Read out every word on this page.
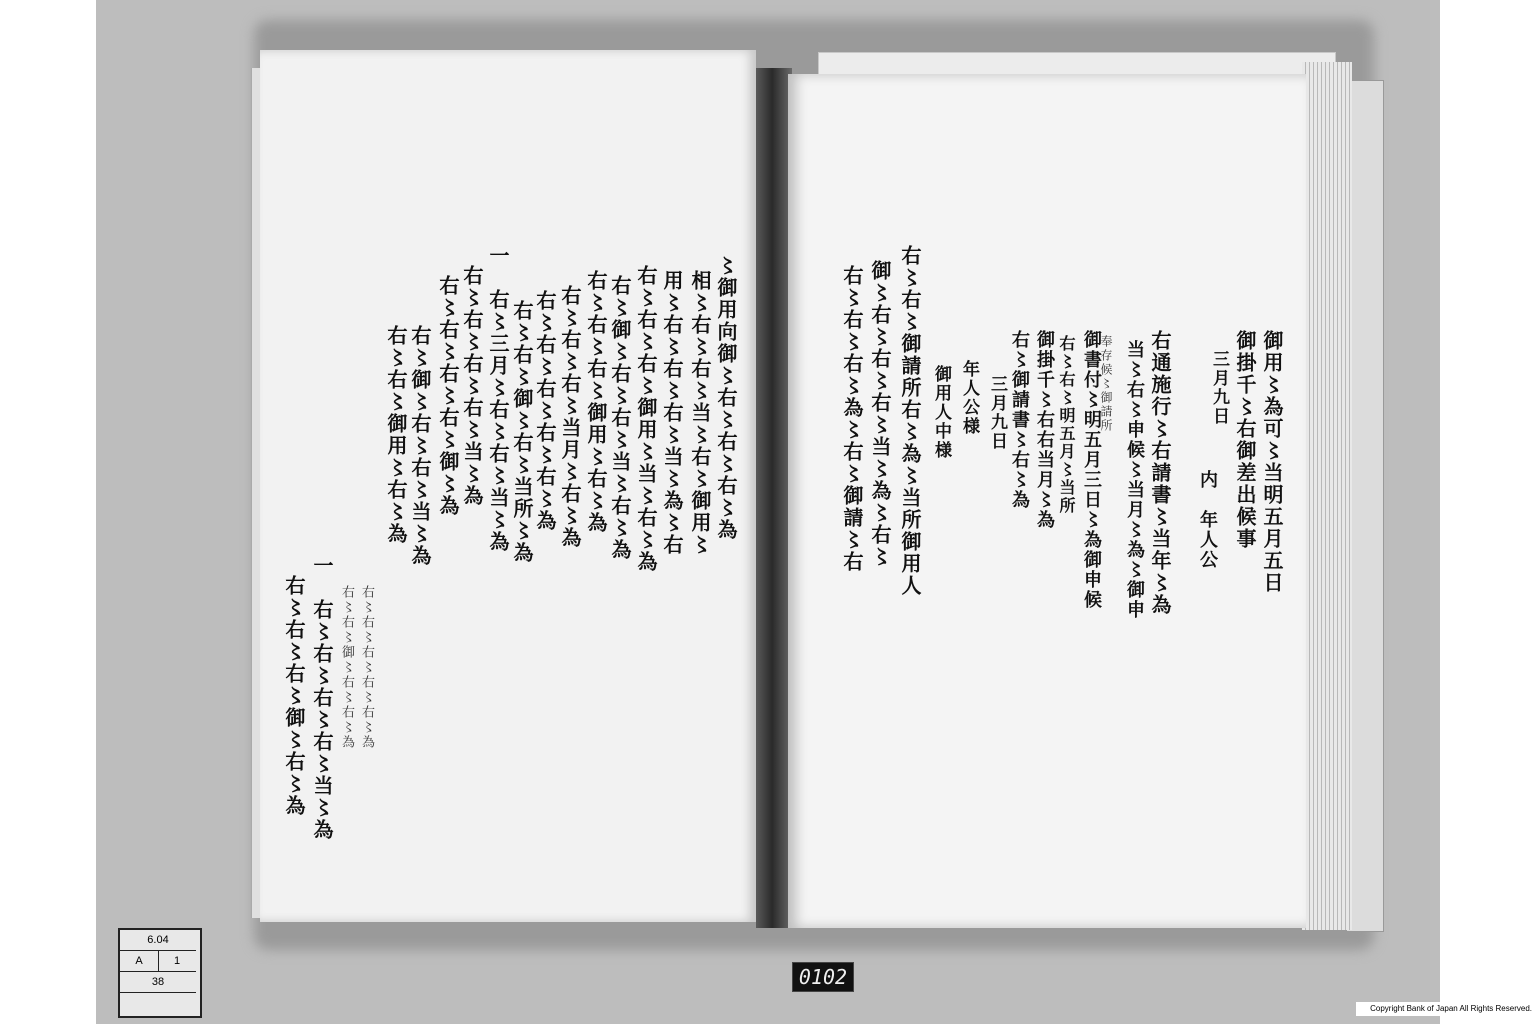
御用〻為可〻当明五月五日
御掛千〻右御差出候事
三月九日
内　年人公
右通施行〻右請書〻当年〻為
当〻右〻申候〻当月〻為〻御申
奉存候〻御請所
御書付〻明五月三日〻為御申候
右〻右〻明五月〻当所
御掛千〻右右当月〻為
右〻御請書〻右〻為
三月九日
年人公様
御用人中様
右〻右〻御請所右〻為〻当所御用人
御〻右〻右〻右〻当〻為〻右〻
右〻右〻右〻為〻右〻御請〻右
〻御用向御〻右〻右〻右〻為
相〻右〻右〻当〻右〻御用〻
用〻右〻右〻右〻当〻為〻右
右〻右〻右〻御用〻当〻右〻為
右〻御〻右〻右〻当〻右〻為
右〻右〻右〻御用〻右〻為
右〻右〻右〻当月〻右〻為
右〻右〻右〻右〻右〻為
右〻右〻御〻右〻当所〻為
一　右〻三月〻右〻右〻当〻為
右〻右〻右〻右〻当〻為
右〻右〻右〻右〻御〻為
右〻御〻右〻右〻当〻為
右〻右〻御用〻右〻為
右〻右〻右〻右〻右〻為
右〻右〻御〻右〻右〻為
一　右〻右〻右〻右〻当〻為
右〻右〻右〻御〻右〻為
6.04
A	1
38	0102
Copyright Bank of Japan All Rights Reserved.
